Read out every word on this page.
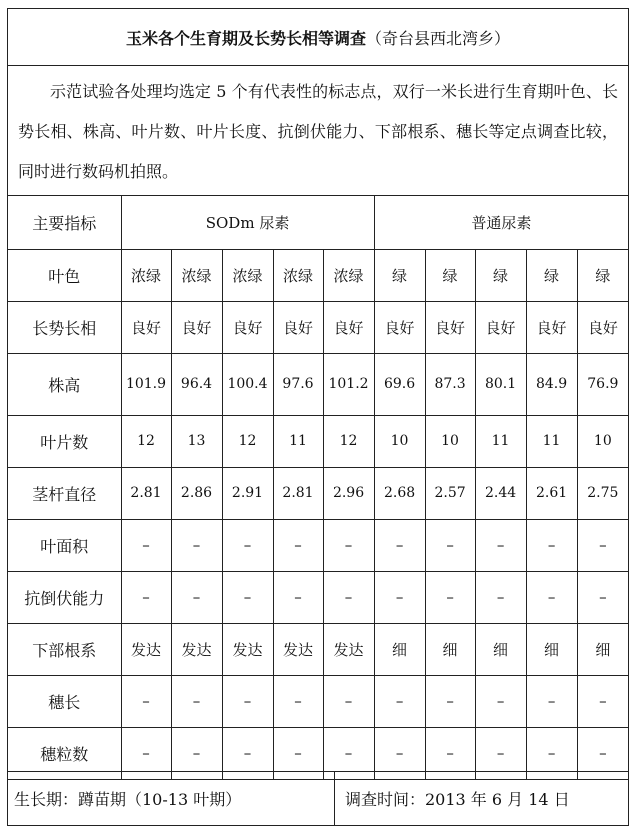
玉米各个生育期及长势长相等调查 （奇台县西北湾乡）
示范试验各处理均选定 5 个有代表性的标志点，双行一米长进行生育期叶色、长势长相、株高、叶片数、叶片长度、抗倒伏能力、下部根系、穗长等定点调查比较，同时进行数码机拍照。
主要指标	SODm 尿素					普通尿素				
叶色	浓绿	浓绿	浓绿	浓绿	浓绿	绿	绿	绿	绿	绿
长势长相	良好	良好	良好	良好	良好	良好	良好	良好	良好	良好
株高	101.9	96.4	100.4	97.6	101.2	69.6	87.3	80.1	84.9	76.9
叶片数	12	13	12	11	12	10	10	11	11	10
茎杆直径	2.81	2.86	2.91	2.81	2.96	2.68	2.57	2.44	2.61	2.75
叶面积	–	–	–	–	–	–	–	–	–	–
抗倒伏能力	–	–	–	–	–	–	–	–	–	–
下部根系	发达	发达	发达	发达	发达	细	细	细	细	细
穗长	–	–	–	–	–	–	–	–	–	–
穗粒数	–	–	–	–	–	–	–	–	–	–
生长期：蹲苗期（10-13 叶期）	调查时间：2013 年 6 月 14 日
